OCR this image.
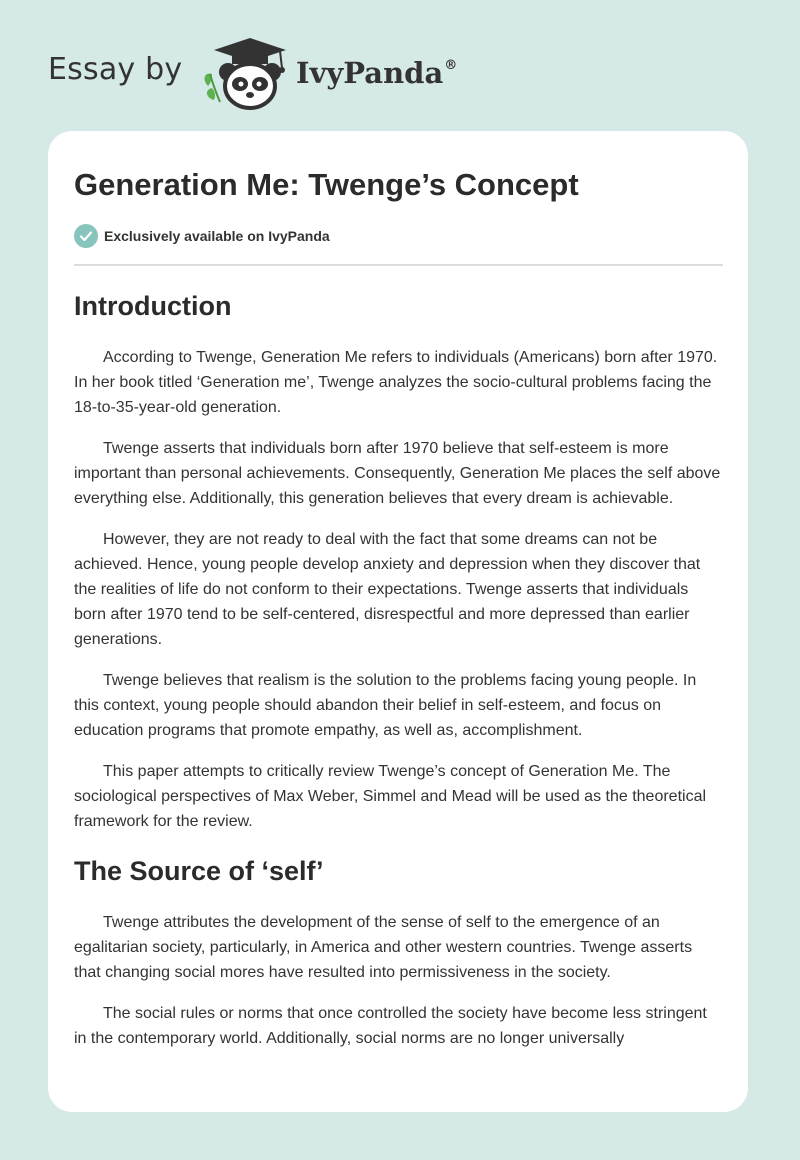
Essay by	IvyPanda®
Generation Me: Twenge’s Concept
Exclusively available on IvyPanda
Introduction

According to Twenge, Generation Me refers to individuals (Americans) born after 1970. In her book titled ‘Generation me’, Twenge analyzes the socio-cultural problems facing the 18-to-35-year-old generation.

Twenge asserts that individuals born after 1970 believe that self-esteem is more important than personal achievements. Consequently, Generation Me places the self above everything else. Additionally, this generation believes that every dream is achievable.

However, they are not ready to deal with the fact that some dreams can not be achieved. Hence, young people develop anxiety and depression when they discover that the realities of life do not conform to their expectations. Twenge asserts that individuals born after 1970 tend to be self-centered, disrespectful and more depressed than earlier generations.

Twenge believes that realism is the solution to the problems facing young people. In this context, young people should abandon their belief in self-esteem, and focus on education programs that promote empathy, as well as, accomplishment.

This paper attempts to critically review Twenge’s concept of Generation Me. The sociological perspectives of Max Weber, Simmel and Mead will be used as the theoretical framework for the review.

The Source of ‘self’

Twenge attributes the development of the sense of self to the emergence of an egalitarian society, particularly, in America and other western countries. Twenge asserts that changing social mores have resulted into permissiveness in the society.

The social rules or norms that once controlled the society have become less stringent in the contemporary world. Additionally, social norms are no longer universally
